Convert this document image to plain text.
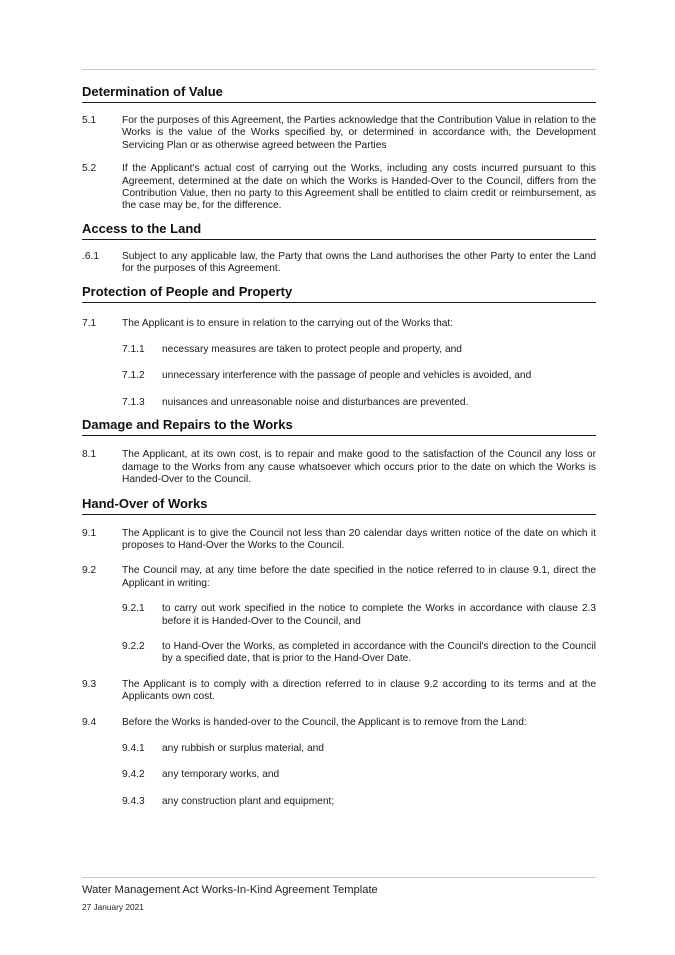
Determination of Value
5.1	For the purposes of this Agreement, the Parties acknowledge that the Contribution Value in relation to the Works is the value of the Works specified by, or determined in accordance with, the Development Servicing Plan or as otherwise agreed between the Parties
5.2	If the Applicant's actual cost of carrying out the Works, including any costs incurred pursuant to this Agreement, determined at the date on which the Works is Handed-Over to the Council, differs from the Contribution Value, then no party to this Agreement shall be entitled to claim credit or reimbursement, as the case may be, for the difference.
Access to the Land
.6.1 Subject to any applicable law, the Party that owns the Land authorises the other Party to enter the Land for the purposes of this Agreement.
Protection of People and Property
7.1	The Applicant is to ensure in relation to the carrying out of the Works that:
7.1.1 necessary measures are taken to protect people and property, and
7.1.2 unnecessary interference with the passage of people and vehicles is avoided, and
7.1.3 nuisances and unreasonable noise and disturbances are prevented.
Damage and Repairs to the Works
8.1	The Applicant, at its own cost, is to repair and make good to the satisfaction of the Council any loss or damage to the Works from any cause whatsoever which occurs prior to the date on which the Works is Handed-Over to the Council.
Hand-Over of Works
9.1	The Applicant is to give the Council not less than 20 calendar days written notice of the date on which it proposes to Hand-Over the Works to the Council.
9.2	The Council may, at any time before the date specified in the notice referred to in clause 9.1, direct the Applicant in writing:
9.2.1 to carry out work specified in the notice to complete the Works in accordance with clause 2.3 before it is Handed-Over to the Council, and
9.2.2 to Hand-Over the Works, as completed in accordance with the Council's direction to the Council by a specified date, that is prior to the Hand-Over Date.
9.3	The Applicant is to comply with a direction referred to in clause 9.2 according to its terms and at the Applicants own cost.
9.4	Before the Works is handed-over to the Council, the Applicant is to remove from the Land:
9.4.1 any rubbish or surplus material, and
9.4.2 any temporary works, and
9.4.3 any construction plant and equipment;
Water Management Act Works-In-Kind Agreement Template
27 January 2021
